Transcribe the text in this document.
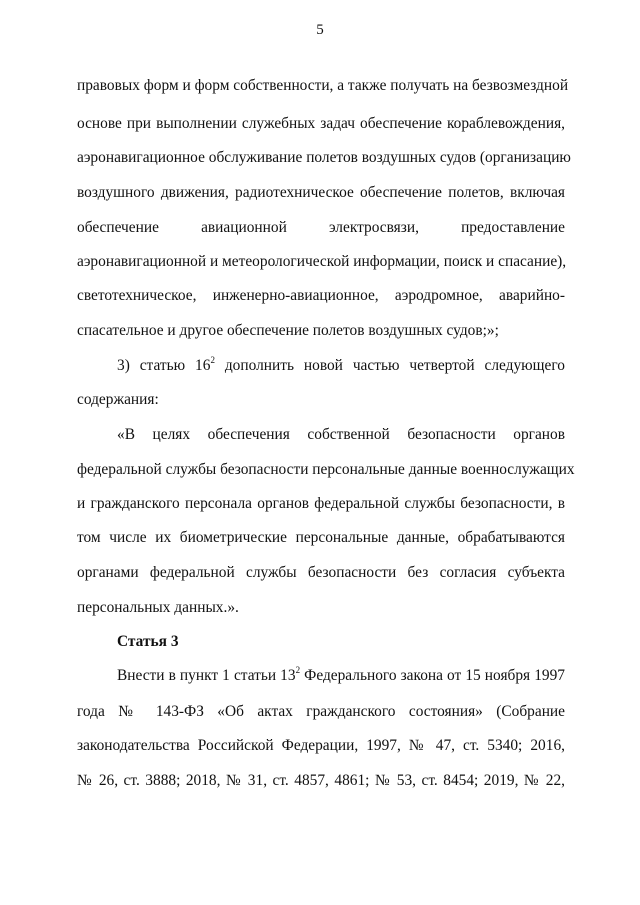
5
правовых форм и форм собственности, а также получать на безвозмездной
основе при выполнении служебных задач обеспечение кораблевождения,
аэронавигационное обслуживание полетов воздушных судов (организацию
воздушного движения, радиотехническое обеспечение полетов, включая
обеспечение авиационной электросвязи, предоставление
аэронавигационной и метеорологической информации, поиск и спасание),
светотехническое, инженерно-авиационное, аэродромное, аварийно-
спасательное и другое обеспечение полетов воздушных судов;»;
3) статью $16^2$ дополнить новой частью четвертой следующего
содержания:
«В целях обеспечения собственной безопасности органов
федеральной службы безопасности персональные данные военнослужащих
и гражданского персонала органов федеральной службы безопасности, в
том числе их биометрические персональные данные, обрабатываются
органами федеральной службы безопасности без согласия субъекта
персональных данных.».
Статья 3
Внести в пункт 1 статьи $13^2$ Федерального закона от 15 ноября 1997
года № 143-ФЗ «Об актах гражданского состояния» (Собрание
законодательства Российской Федерации, 1997, № 47, ст. 5340; 2016,
№ 26, ст. 3888; 2018, № 31, ст. 4857, 4861; № 53, ст. 8454; 2019, № 22,
